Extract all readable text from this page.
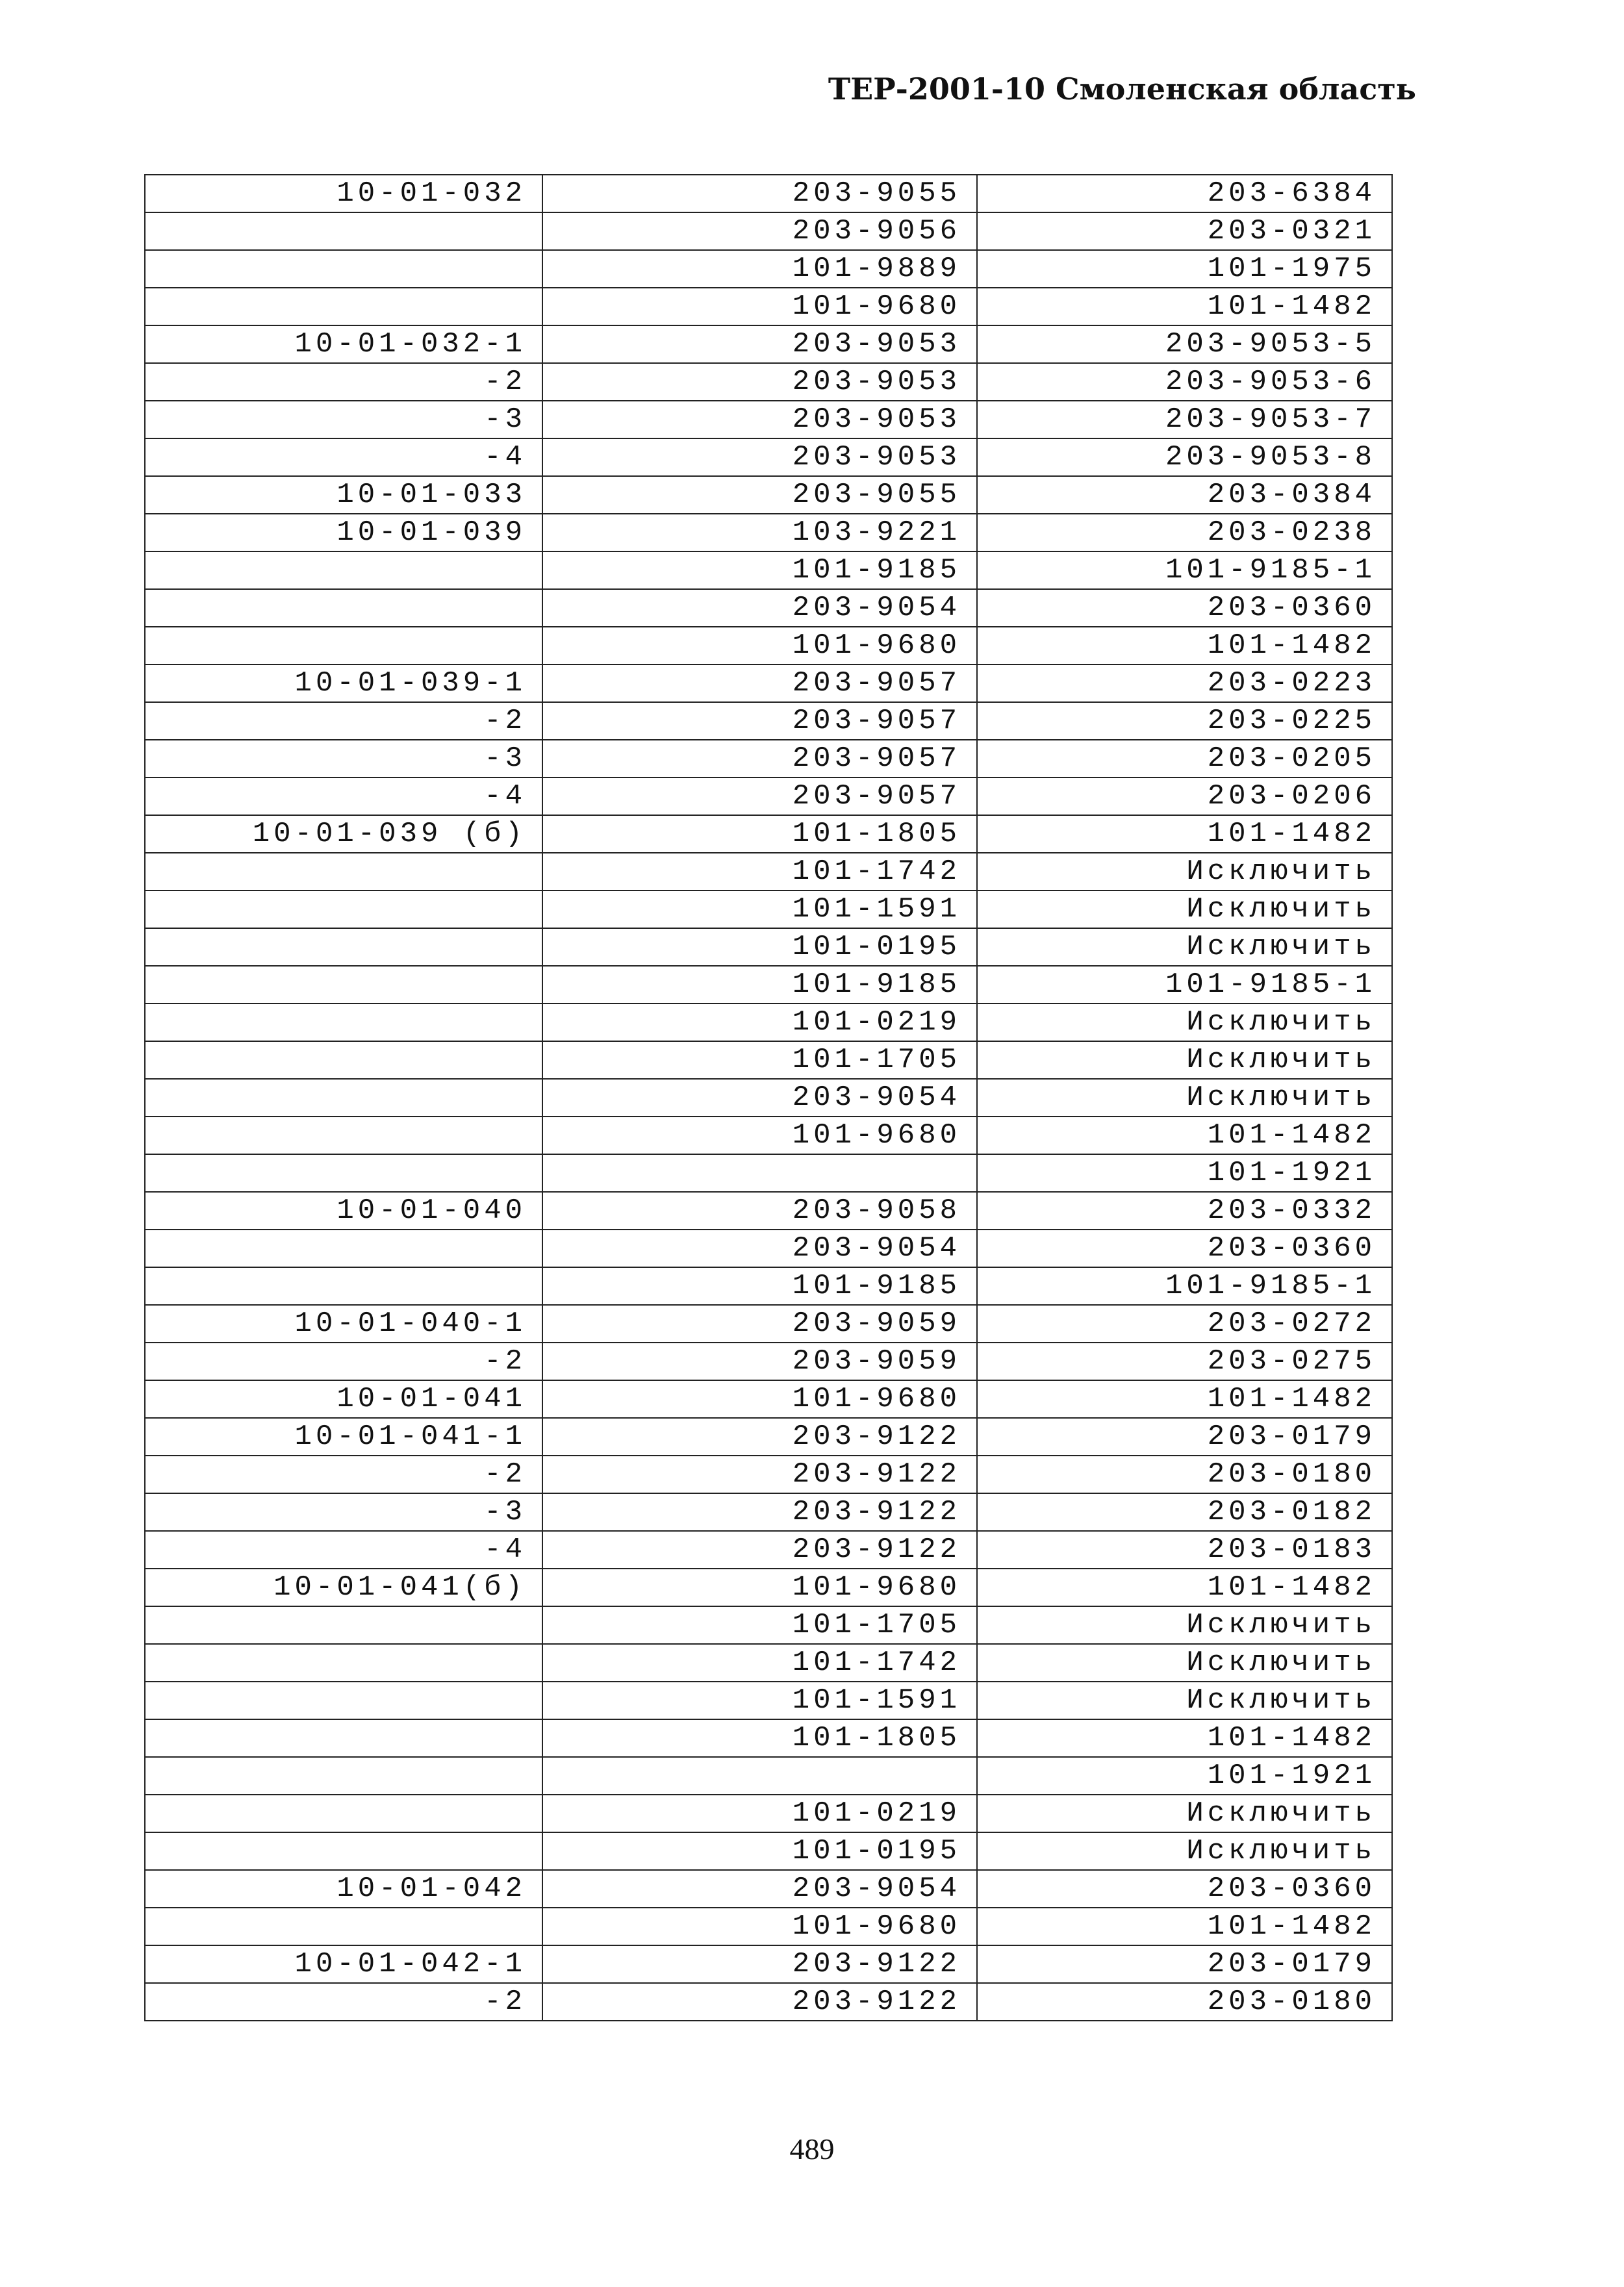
ТЕР-2001-10 Смоленская область
10-01-032	203-9055	203-6384
	203-9056	203-0321
	101-9889	101-1975
	101-9680	101-1482
10-01-032-1	203-9053	203-9053-5
-2	203-9053	203-9053-6
-3	203-9053	203-9053-7
-4	203-9053	203-9053-8
10-01-033	203-9055	203-0384
10-01-039	103-9221	203-0238
	101-9185	101-9185-1
	203-9054	203-0360
	101-9680	101-1482
10-01-039-1	203-9057	203-0223
-2	203-9057	203-0225
-3	203-9057	203-0205
-4	203-9057	203-0206
10-01-039 (б)	101-1805	101-1482
	101-1742	Исключить
	101-1591	Исключить
	101-0195	Исключить
	101-9185	101-9185-1
	101-0219	Исключить
	101-1705	Исключить
	203-9054	Исключить
	101-9680	101-1482
		101-1921
10-01-040	203-9058	203-0332
	203-9054	203-0360
	101-9185	101-9185-1
10-01-040-1	203-9059	203-0272
-2	203-9059	203-0275
10-01-041	101-9680	101-1482
10-01-041-1	203-9122	203-0179
-2	203-9122	203-0180
-3	203-9122	203-0182
-4	203-9122	203-0183
10-01-041(б)	101-9680	101-1482
	101-1705	Исключить
	101-1742	Исключить
	101-1591	Исключить
	101-1805	101-1482
		101-1921
	101-0219	Исключить
	101-0195	Исключить
10-01-042	203-9054	203-0360
	101-9680	101-1482
10-01-042-1	203-9122	203-0179
-2	203-9122	203-0180
489
